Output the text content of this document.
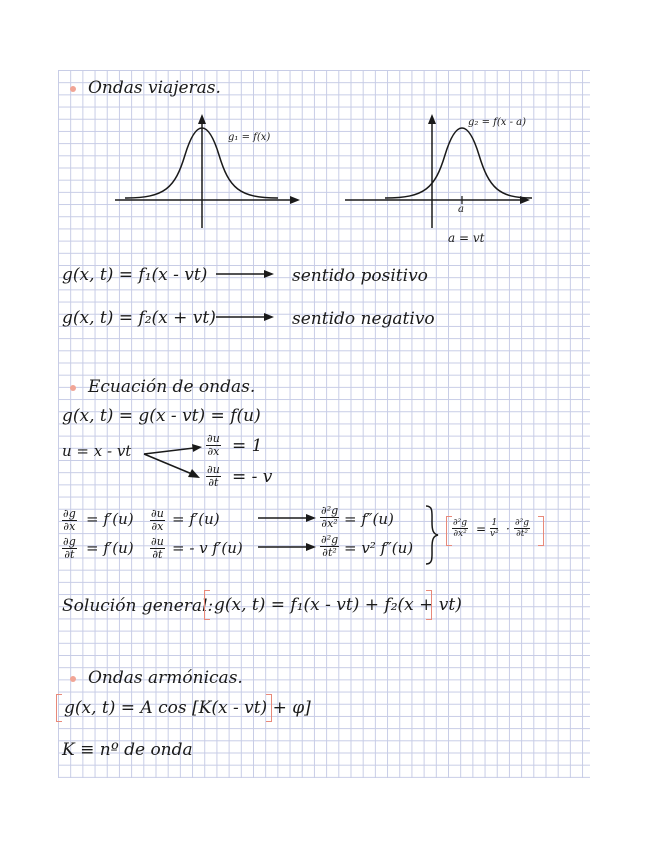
Ondas viajeras.
g₁ = f(x)
g₂ = f(x - a)
a
a = vt
g(x, t) = f₁(x - vt)	sentido positivo
g(x, t) = f₂(x + vt)	sentido negativo
Ecuación de ondas.
g(x, t) = g(x - vt) = f(u)
u = x - vt	$\frac{\partial u}{\partial x} = 1$
$\frac{\partial u}{\partial t}$ = - v
$\frac{\partial g}{\partial x} = f'(u) \frac{\partial u}{\partial x} = f'(u)$	$\frac{\text{∂²g}}{\text{∂x²}} = f''(u)$
$\frac{\partial g}{\partial t} = f'(u) \frac{\partial u}{\partial t}$ = - v f′(u)	$\frac{\text{∂²g}}{\text{∂t²}} = v^2$ f″(u)
$\frac{\text{∂²g}}{\text{∂x²}} = \frac{1}{\text{v²}} \cdot \frac{\text{∂²g}}{\text{∂t²}}$
Solución general: g(x, t) = f₁(x - vt) + f₂(x + vt)
Ondas armónicas.
g(x, t) = A cos [K(x - vt) + φ]
K ≡ nº de onda
